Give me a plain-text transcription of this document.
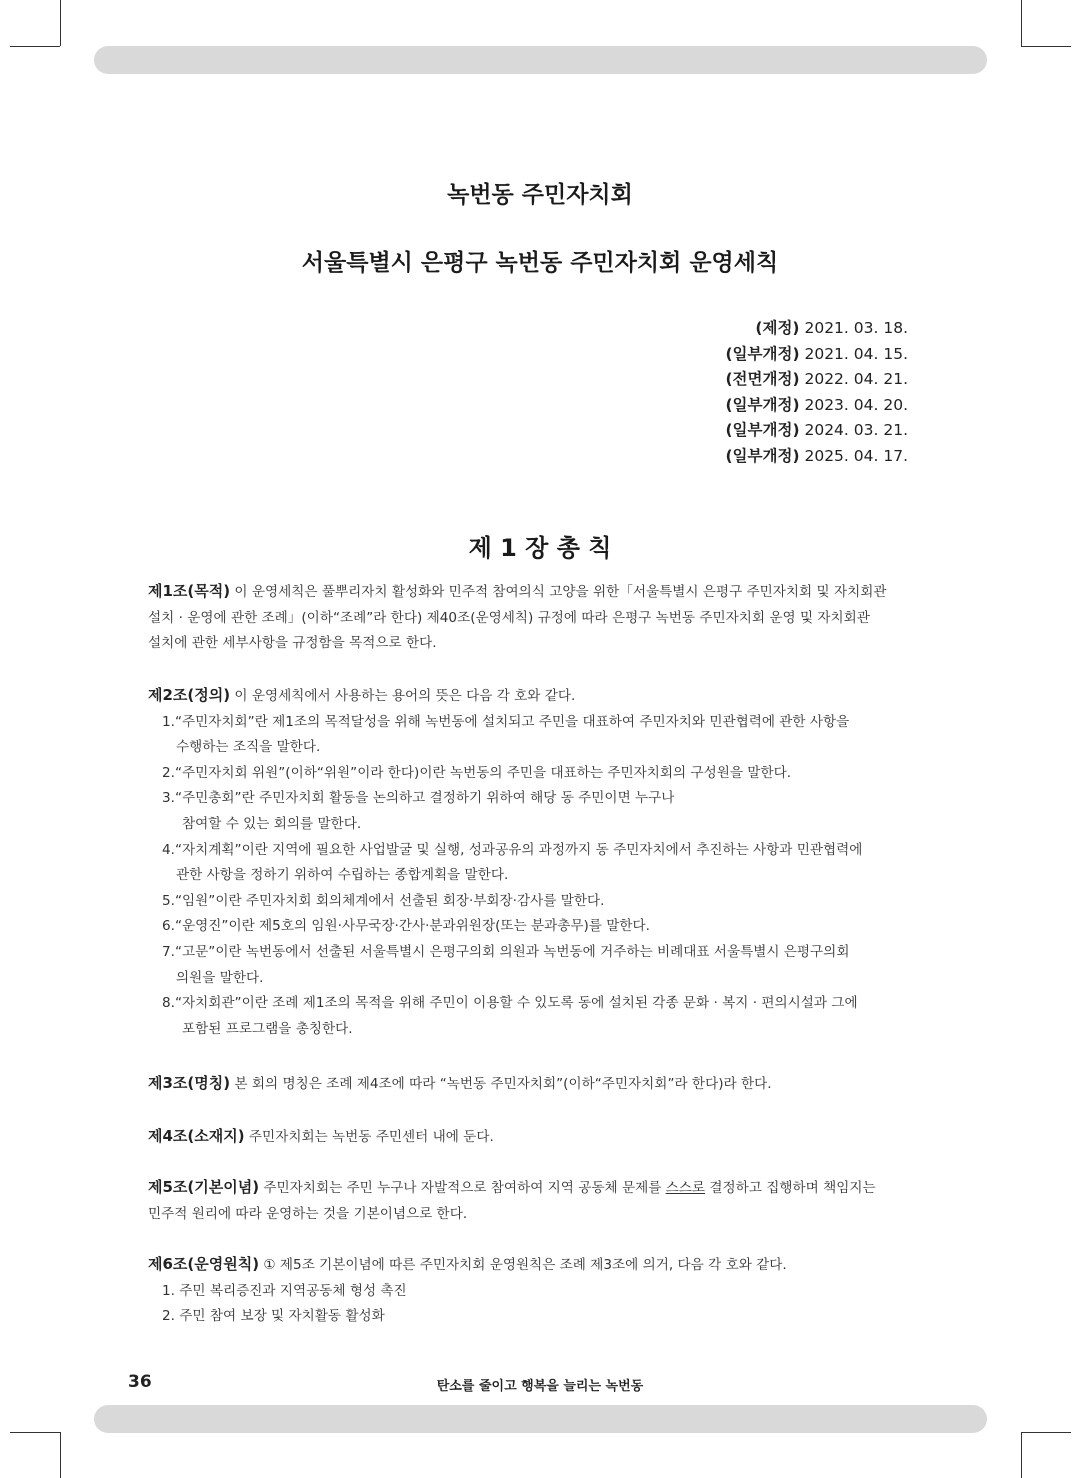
녹번동 주민자치회
서울특별시 은평구 녹번동 주민자치회 운영세칙
(제정) 2021. 03. 18.
(일부개정) 2021. 04. 15.
(전면개정) 2022. 04. 21.
(일부개정) 2023. 04. 20.
(일부개정) 2024. 03. 21.
(일부개정) 2025. 04. 17.
제 1 장 총 칙
제1조(목적) 이 운영세칙은 풀뿌리자치 활성화와 민주적 참여의식 고양을 위한「서울특별시 은평구 주민자치회 및 자치회관
설치 · 운영에 관한 조례」(이하“조례”라 한다) 제40조(운영세칙) 규정에 따라 은평구 녹번동 주민자치회 운영 및 자치회관
설치에 관한 세부사항을 규정함을 목적으로 한다.
제2조(정의) 이 운영세칙에서 사용하는 용어의 뜻은 다음 각 호와 같다.
1.“주민자치회”란 제1조의 목적달성을 위해 녹번동에 설치되고 주민을 대표하여 주민자치와 민관협력에 관한 사항을
수행하는 조직을 말한다.
2.“주민자치회 위원”(이하“위원”이라 한다)이란 녹번동의 주민을 대표하는 주민자치회의 구성원을 말한다.
3.“주민총회”란 주민자치회 활동을 논의하고 결정하기 위하여 해당 동 주민이면 누구나
참여할 수 있는 회의를 말한다.
4.“자치계획”이란 지역에 필요한 사업발굴 및 실행, 성과공유의 과정까지 동 주민자치에서 추진하는 사항과 민관협력에
관한 사항을 정하기 위하여 수립하는 종합계획을 말한다.
5.“임원”이란 주민자치회 회의체계에서 선출된 회장·부회장·감사를 말한다.
6.“운영진”이란 제5호의 임원·사무국장·간사·분과위원장(또는 분과총무)를 말한다.
7.“고문”이란 녹번동에서 선출된 서울특별시 은평구의회 의원과 녹번동에 거주하는 비례대표 서울특별시 은평구의회
의원을 말한다.
8.“자치회관”이란 조례 제1조의 목적을 위해 주민이 이용할 수 있도록 동에 설치된 각종 문화 · 복지 · 편의시설과 그에
포함된 프로그램을 총칭한다.
제3조(명칭) 본 회의 명칭은 조례 제4조에 따라 “녹번동 주민자치회”(이하“주민자치회”라 한다)라 한다.
제4조(소재지) 주민자치회는 녹번동 주민센터 내에 둔다.
제5조(기본이념) 주민자치회는 주민 누구나 자발적으로 참여하여 지역 공동체 문제를 스스로 결정하고 집행하며 책임지는
민주적 원리에 따라 운영하는 것을 기본이념으로 한다.
제6조(운영원칙) ① 제5조 기본이념에 따른 주민자치회 운영원칙은 조례 제3조에 의거, 다음 각 호와 같다.
1. 주민 복리증진과 지역공동체 형성 촉진
2. 주민 참여 보장 및 자치활동 활성화
36	탄소를 줄이고 행복을 늘리는 녹번동
